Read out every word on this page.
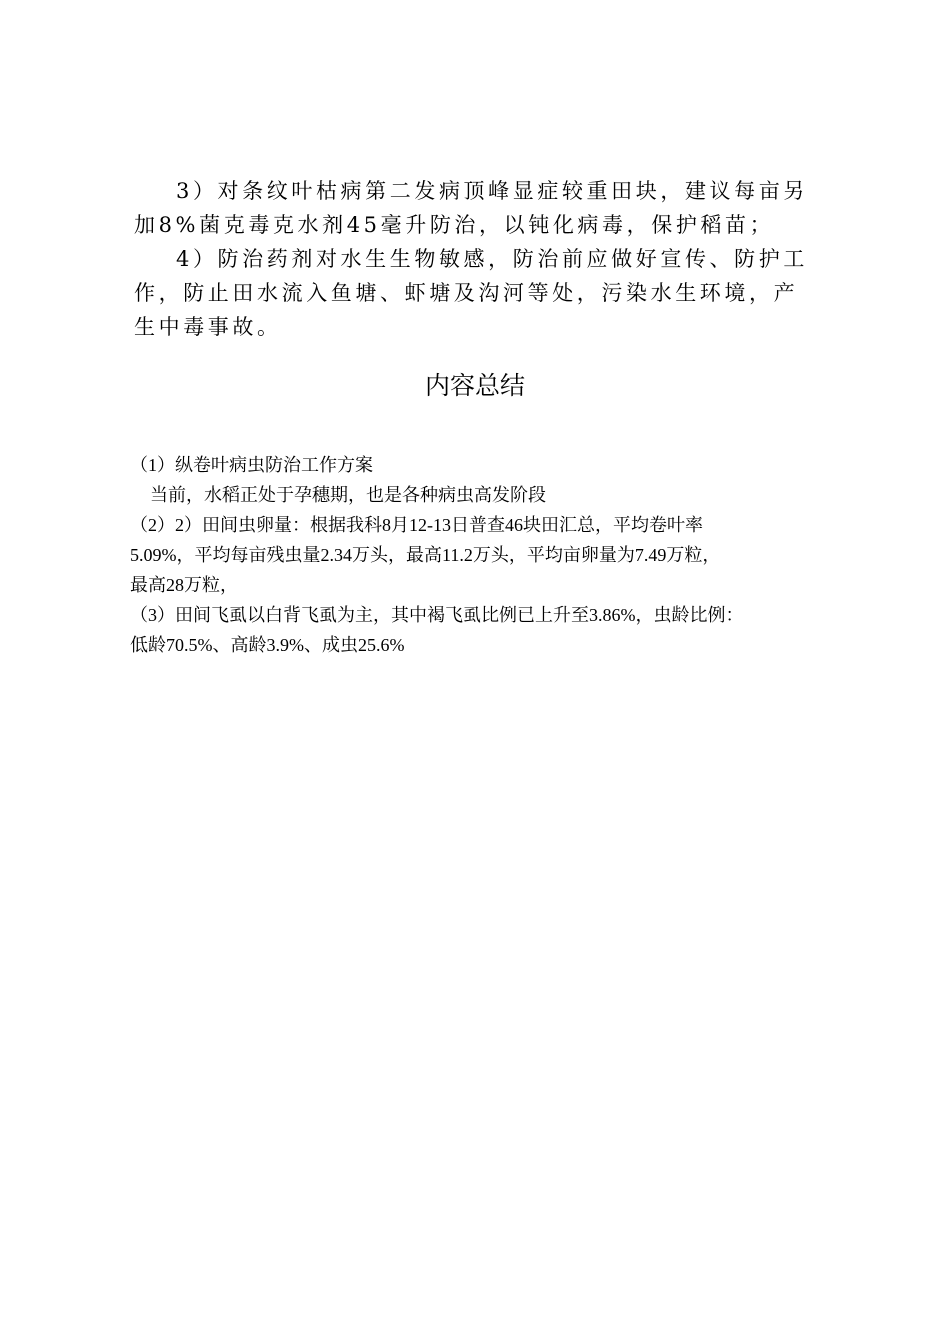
3）对条纹叶枯病第二发病顶峰显症较重田块，建议每亩另加8%菌克毒克水剂45毫升防治，以钝化病毒，保护稻苗；

4）防治药剂对水生生物敏感，防治前应做好宣传、防护工作，防止田水流入鱼塘、虾塘及沟河等处，污染水生环境，产生中毒事故。

内容总结

（1）纵卷叶病虫防治工作方案

当前，水稻正处于孕穗期，也是各种病虫高发阶段

（2）2）田间虫卵量：根据我科8月12-13日普查46块田汇总，平均卷叶率

5.09%，平均每亩残虫量2.34万头，最高11.2万头，平均亩卵量为7.49万粒，

最高28万粒，

（3）田间飞虱以白背飞虱为主，其中褐飞虱比例已上升至3.86%，虫龄比例：

低龄70.5%、高龄3.9%、成虫25.6%
